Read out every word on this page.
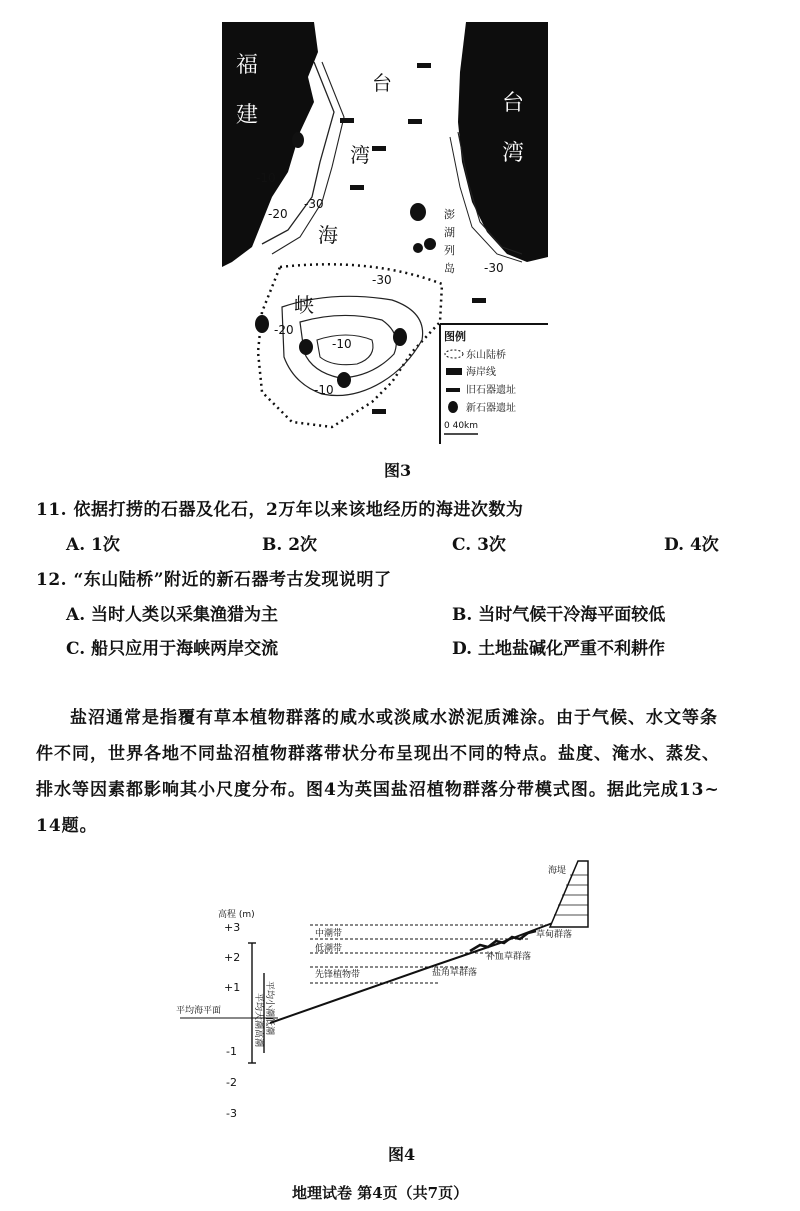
福
建	台
湾
台
湾
海
峡
澎
湖
列
岛
-10
-20
-30
-30
-30
-20
-10
-10
图例
东山陆桥
海岸线
旧石器遗址
新石器遗址
0 40km
图3
11. 依据打捞的石器及化石，2万年以来该地经历的海进次数为
A. 1次	B. 2次	C. 3次	D. 4次
12. “东山陆桥”附近的新石器考古发现说明了
A. 当时人类以采集渔猎为主	B. 当时气候干冷海平面较低
C. 船只应用于海峡两岸交流	D. 土地盐碱化严重不利耕作
盐沼通常是指覆有草本植物群落的咸水或淡咸水淤泥质滩涂。由于气候、水文等条
件不同，世界各地不同盐沼植物群落带状分布呈现出不同的特点。盐度、淹水、蒸发、
排水等因素都影响其小尺度分布。图4为英国盐沼植物群落分带模式图。据此完成13~
14题。
高程 (m)
+3
+2
+1
-1
-2
-3
平均大潮高潮 平均小潮低潮
平均海平面
中潮带
低潮带
先锋植物带
海堤
草甸群落
补血草群落
盐角草群落
图4
地理试卷 第4页（共7页）
